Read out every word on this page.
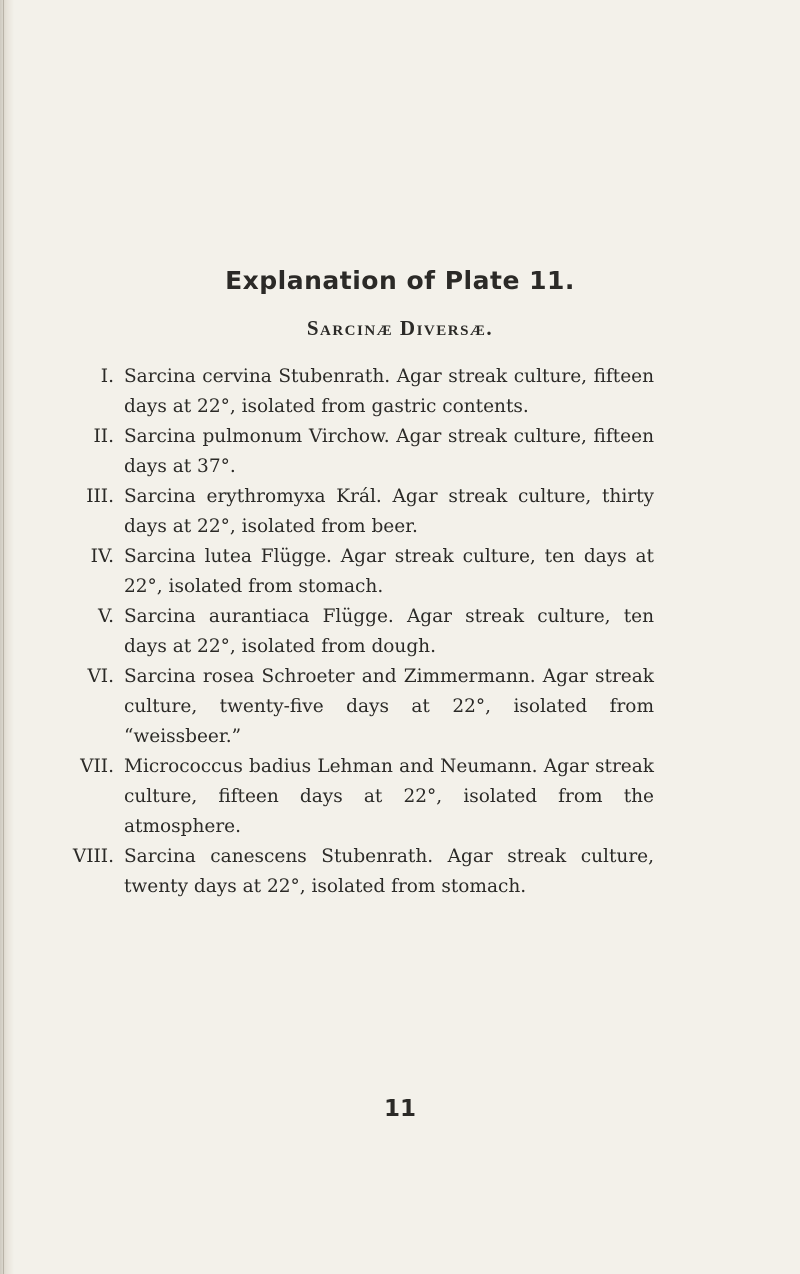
Explanation of Plate 11.
Sarcinæ Diversæ.
I. Sarcina cervina Stubenrath. Agar streak culture, fifteen days at 22°, isolated from gastric contents.

II. Sarcina pulmonum Virchow. Agar streak culture, fifteen days at 37°.

III. Sarcina erythromyxa Král. Agar streak culture, thirty days at 22°, isolated from beer.

IV. Sarcina lutea Flügge. Agar streak culture, ten days at 22°, isolated from stomach.

V. Sarcina aurantiaca Flügge. Agar streak culture, ten days at 22°, isolated from dough.

VI. Sarcina rosea Schroeter and Zimmermann. Agar streak culture, twenty-five days at 22°, isolated from “weissbeer.”

VII. Micrococcus badius Lehman and Neumann. Agar streak culture, fifteen days at 22°, isolated from the atmosphere.

VIII. Sarcina canescens Stubenrath. Agar streak culture, twenty days at 22°, isolated from stomach.

11
